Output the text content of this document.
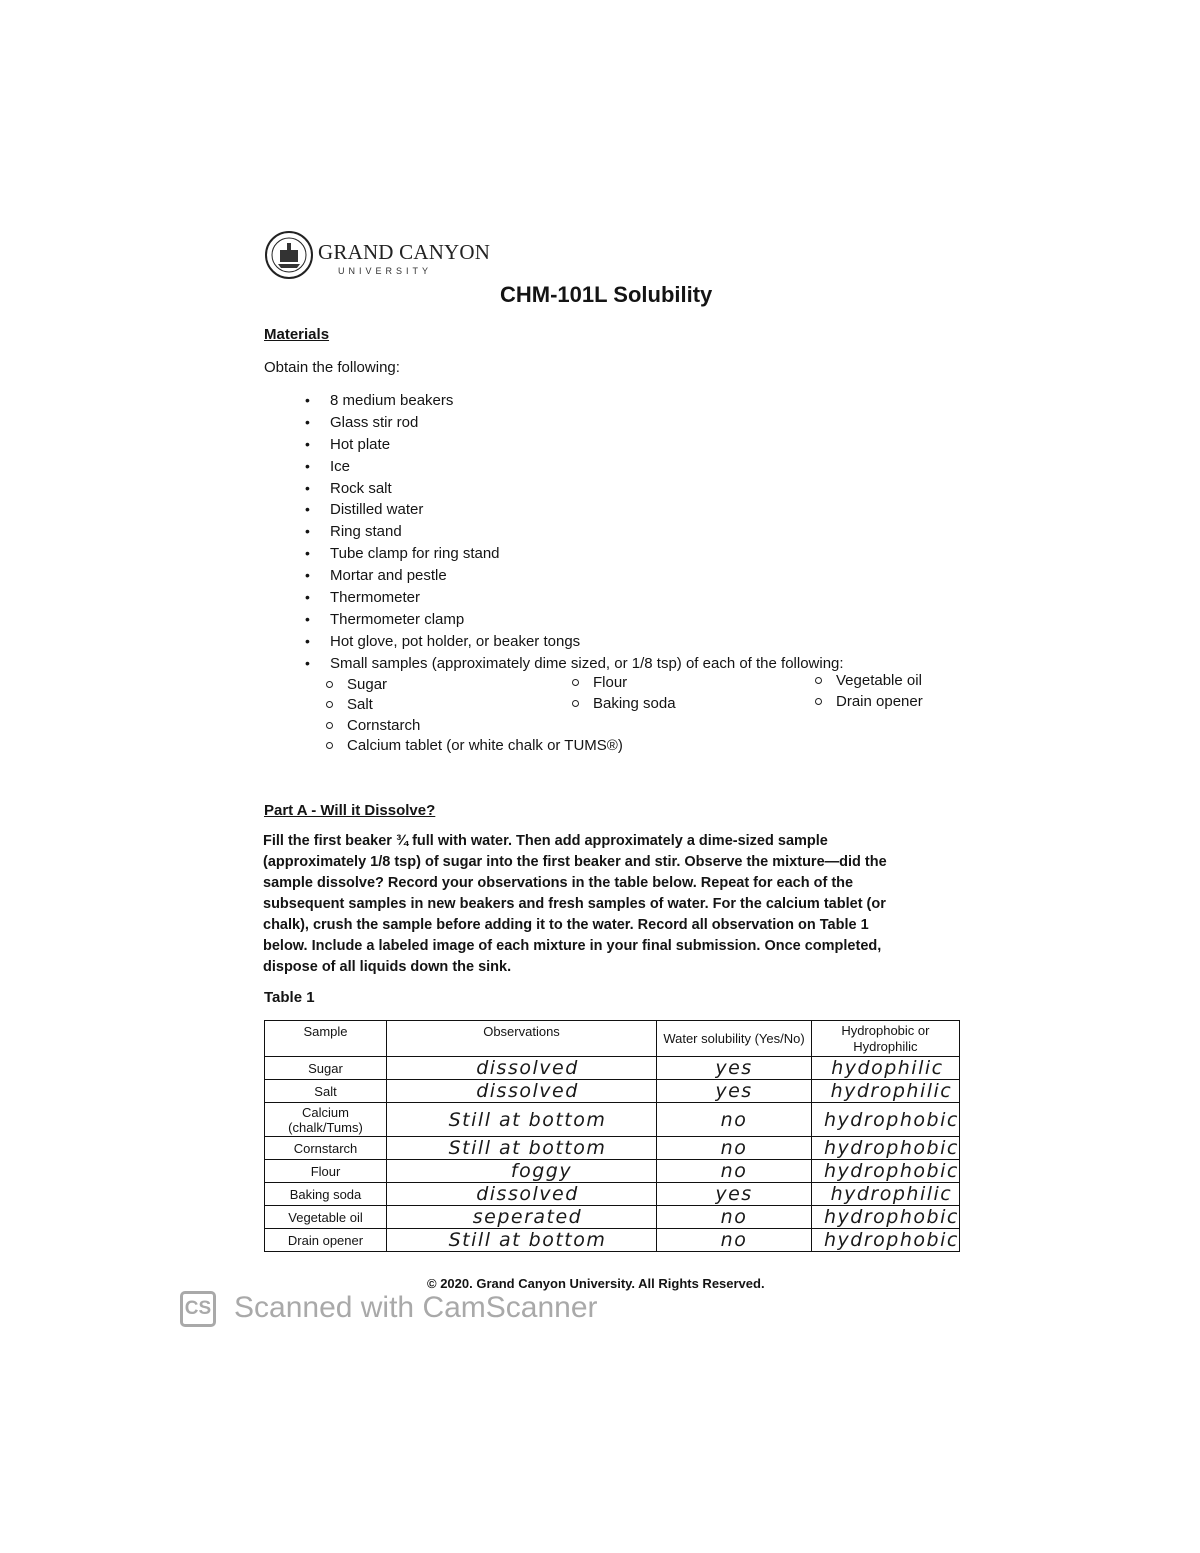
GRAND CANYON
UNIVERSITY
CHM-101L Solubility
Materials
Obtain the following:
• 8 medium beakers
• Glass stir rod
• Hot plate
• Ice
• Rock salt
• Distilled water
• Ring stand
• Tube clamp for ring stand
• Mortar and pestle
• Thermometer
• Thermometer clamp
• Hot glove, pot holder, or beaker tongs
• Small samples (approximately dime sized, or 1/8 tsp) of each of the following:
Sugar
Salt
Cornstarch
Calcium tablet (or white chalk or TUMS®)
Flour
Baking soda
Vegetable oil
Drain opener
Part A - Will it Dissolve?
Fill the first beaker ¾ full with water. Then add approximately a dime-sized sample
(approximately 1/8 tsp) of sugar into the first beaker and stir. Observe the mixture—did the
sample dissolve? Record your observations in the table below. Repeat for each of the
subsequent samples in new beakers and fresh samples of water. For the calcium tablet (or
chalk), crush the sample before adding it to the water. Record all observation on Table 1
below. Include a labeled image of each mixture in your final submission. Once completed,
dispose of all liquids down the sink.
Table 1
Sample	Observations	Water solubility (Yes/No)	Hydrophobic or Hydrophilic
Sugar	dissolved	yes	hydophilic
Salt	dissolved	yes	hydrophilic
Calcium (chalk/Tums)	Still at bottom	no	hydrophobic
Cornstarch	Still at bottom	no	hydrophobic
Flour	foggy	no	hydrophobic
Baking soda	dissolved	yes	hydrophilic
Vegetable oil	seperated	no	hydrophobic
Drain opener	Still at bottom	no	hydrophobic
© 2020. Grand Canyon University. All Rights Reserved.
CS Scanned with CamScanner
